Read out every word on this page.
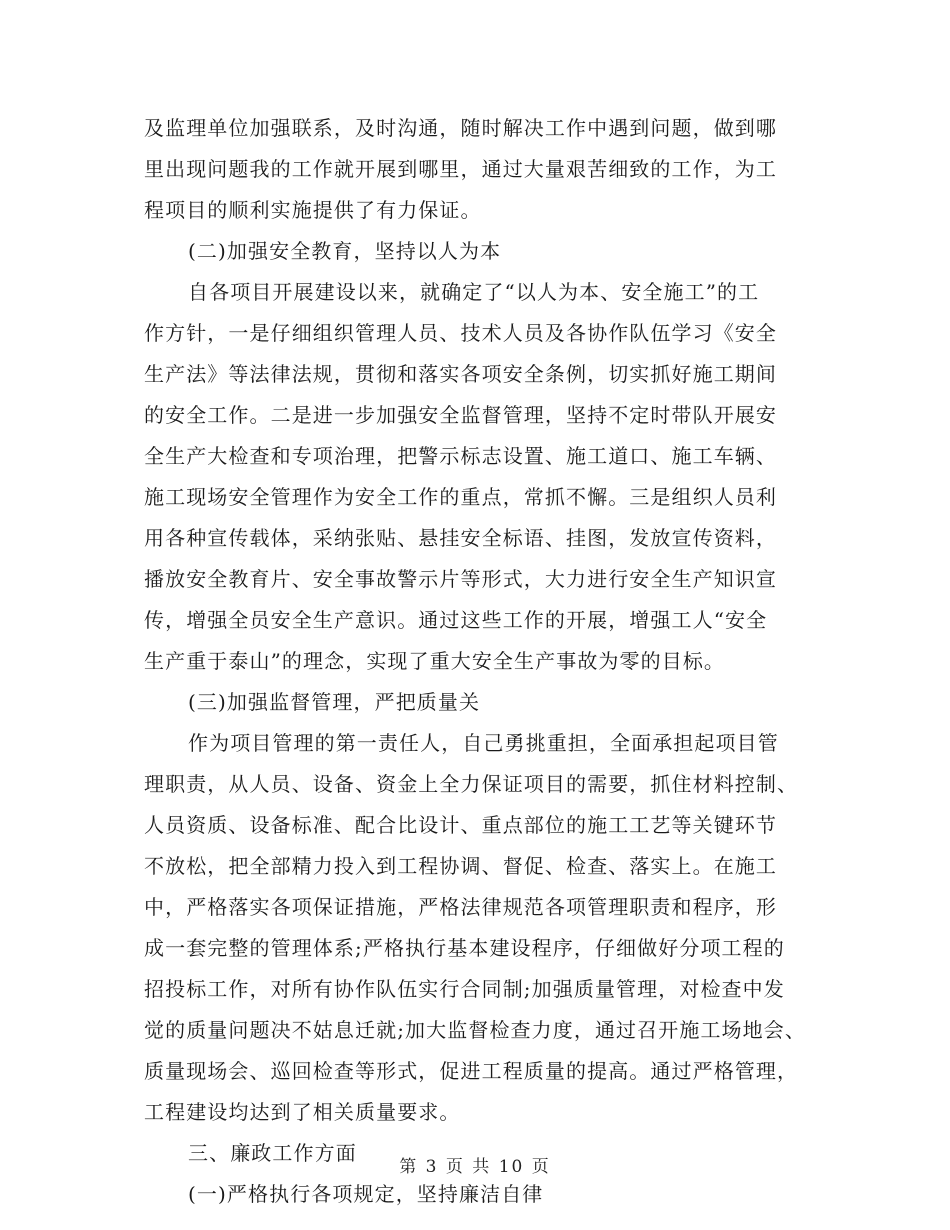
及监理单位加强联系，及时沟通，随时解决工作中遇到问题，做到哪
里出现问题我的工作就开展到哪里，通过大量艰苦细致的工作，为工
程项目的顺利实施提供了有力保证。
(二)加强安全教育，坚持以人为本
自各项目开展建设以来，就确定了“以人为本、安全施工”的工
作方针，一是仔细组织管理人员、技术人员及各协作队伍学习《安全
生产法》等法律法规，贯彻和落实各项安全条例，切实抓好施工期间
的安全工作。二是进一步加强安全监督管理，坚持不定时带队开展安
全生产大检查和专项治理，把警示标志设置、施工道口、施工车辆、
施工现场安全管理作为安全工作的重点，常抓不懈。三是组织人员利
用各种宣传载体，采纳张贴、悬挂安全标语、挂图，发放宣传资料，
播放安全教育片、安全事故警示片等形式，大力进行安全生产知识宣
传，增强全员安全生产意识。通过这些工作的开展，增强工人“安全
生产重于泰山”的理念，实现了重大安全生产事故为零的目标。
(三)加强监督管理，严把质量关
作为项目管理的第一责任人，自己勇挑重担，全面承担起项目管
理职责，从人员、设备、资金上全力保证项目的需要，抓住材料控制、
人员资质、设备标准、配合比设计、重点部位的施工工艺等关键环节
不放松，把全部精力投入到工程协调、督促、检查、落实上。在施工
中，严格落实各项保证措施，严格法律规范各项管理职责和程序，形
成一套完整的管理体系;严格执行基本建设程序，仔细做好分项工程的
招投标工作，对所有协作队伍实行合同制;加强质量管理，对检查中发
觉的质量问题决不姑息迁就;加大监督检查力度，通过召开施工场地会、
质量现场会、巡回检查等形式，促进工程质量的提高。通过严格管理，
工程建设均达到了相关质量要求。
三、廉政工作方面
(一)严格执行各项规定，坚持廉洁自律
第 3 页 共 10 页
